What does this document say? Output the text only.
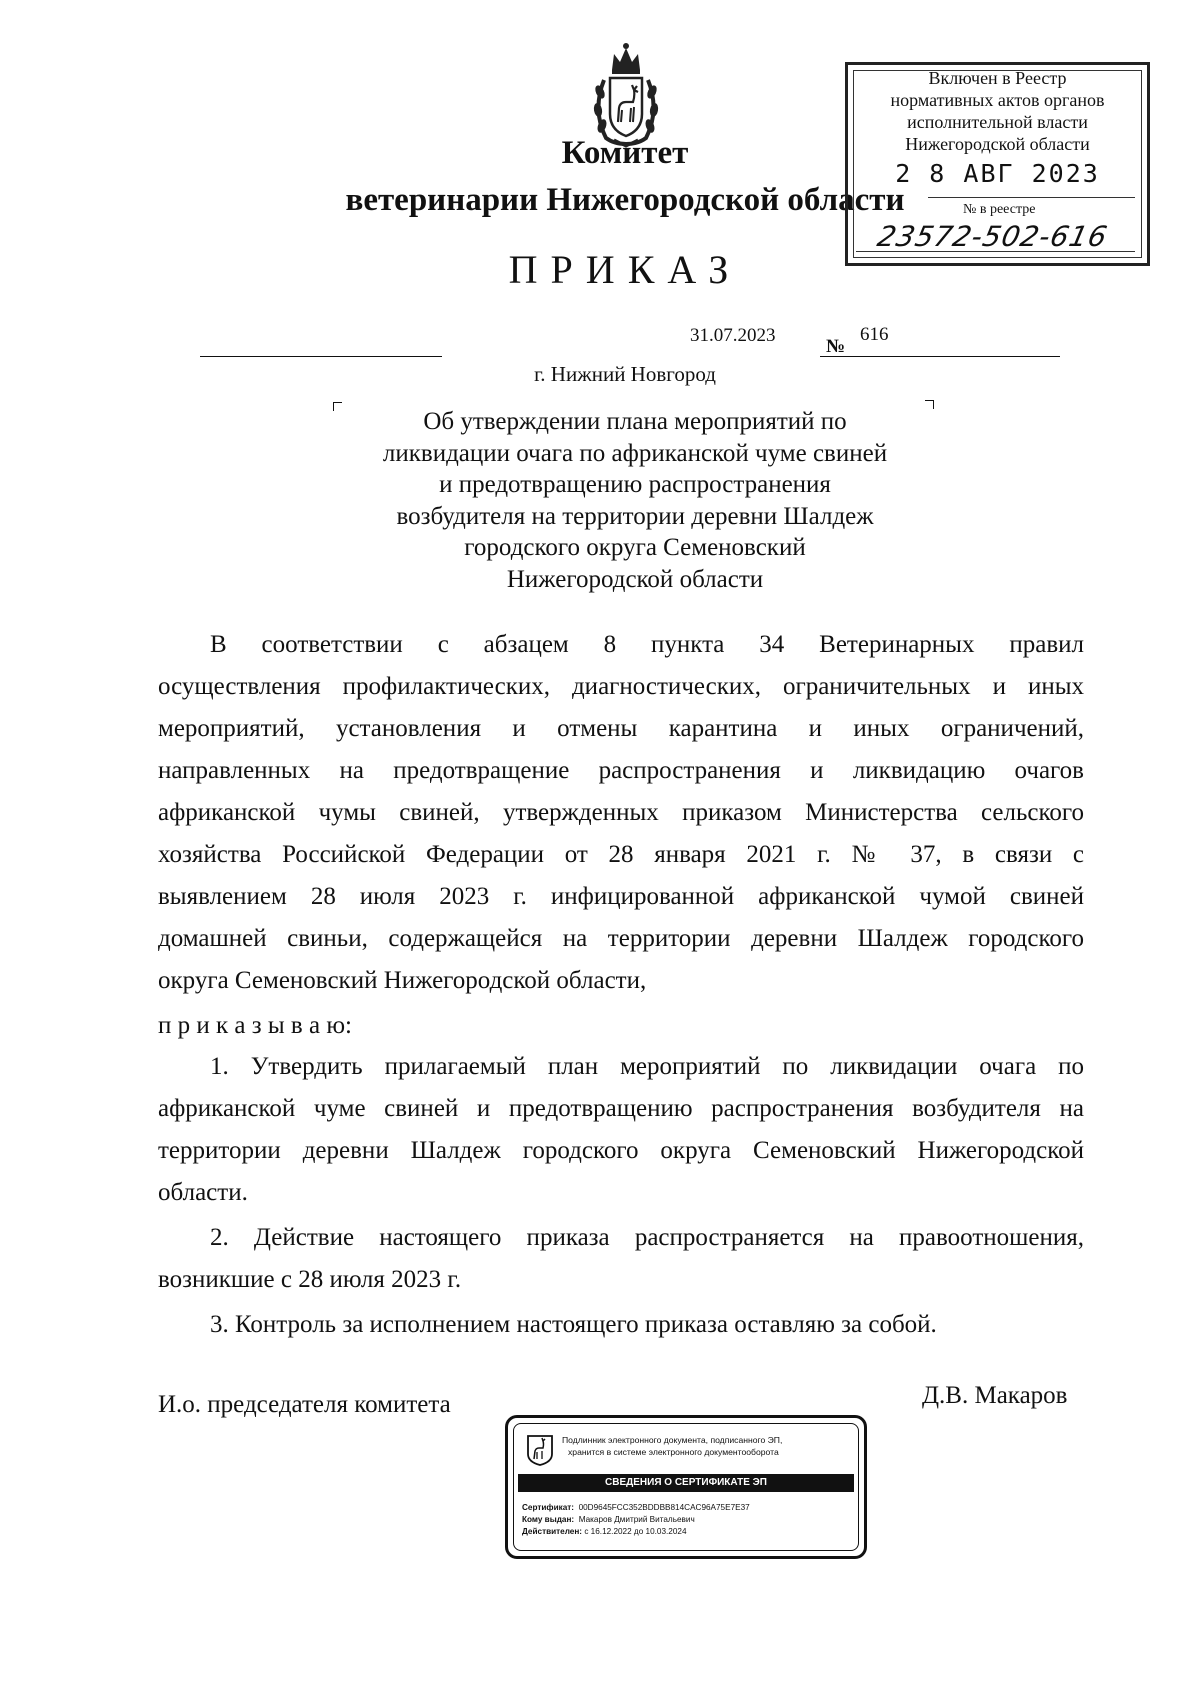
Комитет
ветеринарии Нижегородской области
ПРИКАЗ
Включен в Реестр
нормативных актов органов
исполнительной власти
Нижегородской области
2 8 АВГ 2023
№ в реестре
23572-502-616
31.07.2023
№
616
г. Нижний Новгород
Об утверждении плана мероприятий по
ликвидации очага по африканской чуме свиней
и предотвращению распространения
возбудителя на территории деревни Шалдеж
городского округа Семеновский
Нижегородской области
В соответствии с абзацем 8 пункта 34 Ветеринарных правил
осуществления профилактических, диагностических, ограничительных и иных
мероприятий, установления и отмены карантина и иных ограничений,
направленных на предотвращение распространения и ликвидацию очагов
африканской чумы свиней, утвержденных приказом Министерства сельского
хозяйства Российской Федерации от 28 января 2021 г. № 37, в связи с
выявлением 28 июля 2023 г. инфицированной африканской чумой свиней
домашней свиньи, содержащейся на территории деревни Шалдеж городского
округа Семеновский Нижегородской области,
п р и к а з ы в а ю:
1. Утвердить прилагаемый план мероприятий по ликвидации очага по
африканской чуме свиней и предотвращению распространения возбудителя на
территории деревни Шалдеж городского округа Семеновский Нижегородской
области.
2. Действие настоящего приказа распространяется на правоотношения,
возникшие с 28 июля 2023 г.
3. Контроль за исполнением настоящего приказа оставляю за собой.
И.о. председателя комитета	Д.В. Макаров
Подлинник электронного документа, подписанного ЭП,
хранится в системе электронного документооборота
СВЕДЕНИЯ О СЕРТИФИКАТЕ ЭП
Сертификат: 00D9645FCC352BDDBB814CAC96A75E7E37
Кому выдан: Макаров Дмитрий Витальевич
Действителен: с 16.12.2022 до 10.03.2024
